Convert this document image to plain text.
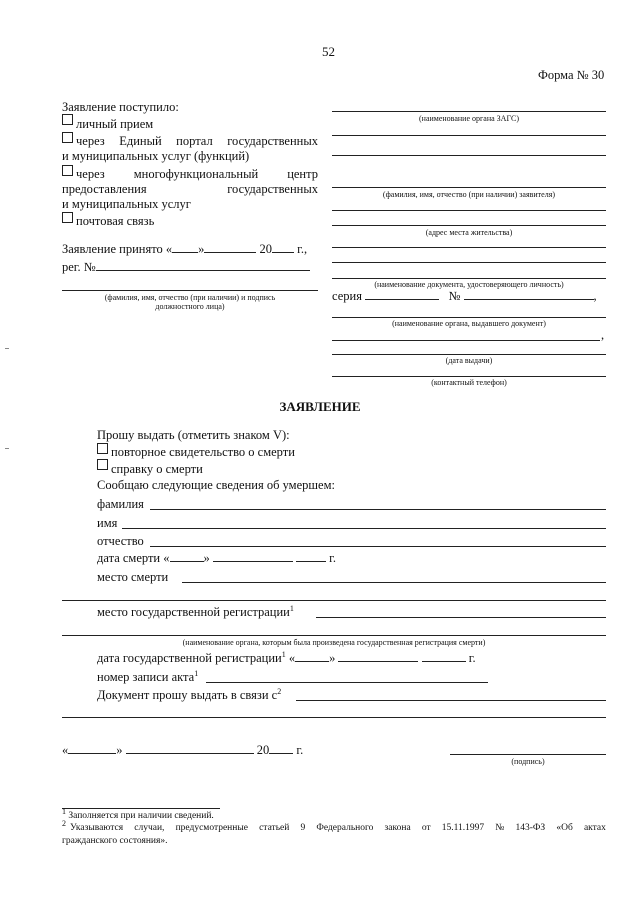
52
Форма № 30
Заявление поступило:
личный прием
через Единый портал государственных
и муниципальных услуг (функций)
через многофункциональный центр
предоставления	государственных
и муниципальных услуг
почтовая связь
Заявление принято « »	20 г.,
рег. №
(фамилия, имя, отчество (при наличии) и подпись
должностного лица)
(наименование органа ЗАГС)
(фамилия, имя, отчество (при наличии) заявителя)
(адрес места жительства)
(наименование документа, удостоверяющего личность)
серия	№	,
(наименование органа, выдавшего документ)
,
(дата выдачи)
(контактный телефон)
ЗАЯВЛЕНИЕ
Прошу выдать (отметить знаком V):
повторное свидетельство о смерти
справку о смерти
Сообщаю следующие сведения об умершем:
фамилия
имя
отчество
дата смерти «	»	г.
место смерти
место государственной регистрации$^1$
(наименование органа, которым была произведена государственная регистрация смерти)
дата государственной регистрации$^1$ «	»	г.
номер записи акта$^1$
Документ прошу выдать в связи $с^2$
«	»	20 г.
(подпись)
$^1$ Заполняется при наличии сведений.
$^2$ Указываются случаи, предусмотренные статьей 9 Федерального закона от 15.11.1997 № 143-ФЗ «Об актах
гражданского состояния».
